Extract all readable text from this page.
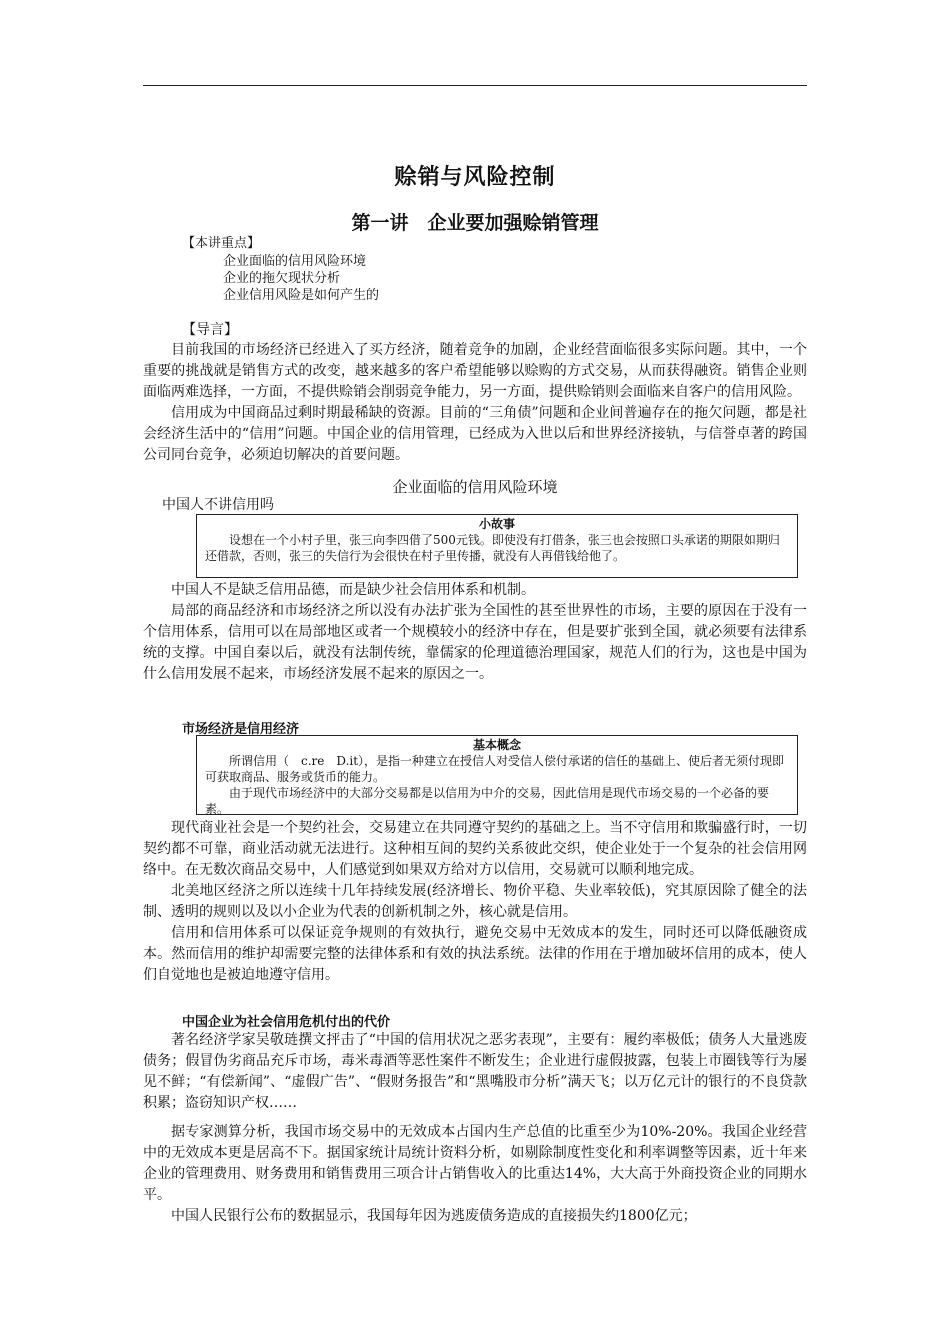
赊销与风险控制
第一讲　企业要加强赊销管理
【本讲重点】
企业面临的信用风险环境
企业的拖欠现状分析
企业信用风险是如何产生的
【导言】

目前我国的市场经济已经进入了买方经济，随着竞争的加剧，企业经营面临很多实际问题。其中，一个重要的挑战就是销售方式的改变，越来越多的客户希望能够以赊购的方式交易，从而获得融资。销售企业则面临两难选择，一方面，不提供赊销会削弱竞争能力，另一方面，提供赊销则会面临来自客户的信用风险。

信用成为中国商品过剩时期最稀缺的资源。目前的“三角债”问题和企业间普遍存在的拖欠问题，都是社会经济生活中的“信用”问题。中国企业的信用管理，已经成为入世以后和世界经济接轨，与信誉卓著的跨国公司同台竞争，必须迫切解决的首要问题。

企业面临的信用风险环境
中国人不讲信用吗
小故事

设想在一个小村子里，张三向李四借了500元钱。即使没有打借条，张三也会按照口头承诺的期限如期归还借款，否则，张三的失信行为会很快在村子里传播，就没有人再借钱给他了。

中国人不是缺乏信用品德，而是缺少社会信用体系和机制。

局部的商品经济和市场经济之所以没有办法扩张为全国性的甚至世界性的市场，主要的原因在于没有一个信用体系，信用可以在局部地区或者一个规模较小的经济中存在，但是要扩张到全国，就必须要有法律系统的支撑。中国自秦以后，就没有法制传统，靠儒家的伦理道德治理国家，规范人们的行为，这也是中国为什么信用发展不起来，市场经济发展不起来的原因之一。

市场经济是信用经济
基本概念

所谓信用（　c.re　D.it），是指一种建立在授信人对受信人偿付承诺的信任的基础上、使后者无须付现即可获取商品、服务或货币的能力。

由于现代市场经济中的大部分交易都是以信用为中介的交易，因此信用是现代市场交易的一个必备的要素。

现代商业社会是一个契约社会，交易建立在共同遵守契约的基础之上。当不守信用和欺骗盛行时，一切契约都不可靠，商业活动就无法进行。这种相互间的契约关系彼此交织，使企业处于一个复杂的社会信用网络中。在无数次商品交易中，人们感觉到如果双方给对方以信用，交易就可以顺利地完成。

北美地区经济之所以连续十几年持续发展(经济增长、物价平稳、失业率较低)，究其原因除了健全的法制、透明的规则以及以小企业为代表的创新机制之外，核心就是信用。

信用和信用体系可以保证竞争规则的有效执行，避免交易中无效成本的发生，同时还可以降低融资成本。然而信用的维护却需要完整的法律体系和有效的执法系统。法律的作用在于增加破坏信用的成本，使人们自觉地也是被迫地遵守信用。

中国企业为社会信用危机付出的代价

著名经济学家吴敬琏撰文抨击了“中国的信用状况之恶劣表现”，主要有：履约率极低；债务人大量逃废债务；假冒伪劣商品充斥市场，毒米毒酒等恶性案件不断发生；企业进行虚假披露，包装上市圈钱等行为屡见不鲜；“有偿新闻”、“虚假广告”、“假财务报告”和“黑嘴股市分析”满天飞；以万亿元计的银行的不良贷款积累；盗窃知识产权……

据专家测算分析，我国市场交易中的无效成本占国内生产总值的比重至少为10%-20%。我国企业经营中的无效成本更是居高不下。据国家统计局统计资料分析，如剔除制度性变化和利率调整等因素，近十年来企业的管理费用、财务费用和销售费用三项合计占销售收入的比重达14%，大大高于外商投资企业的同期水平。

中国人民银行公布的数据显示，我国每年因为逃废债务造成的直接损失约1800亿元；
